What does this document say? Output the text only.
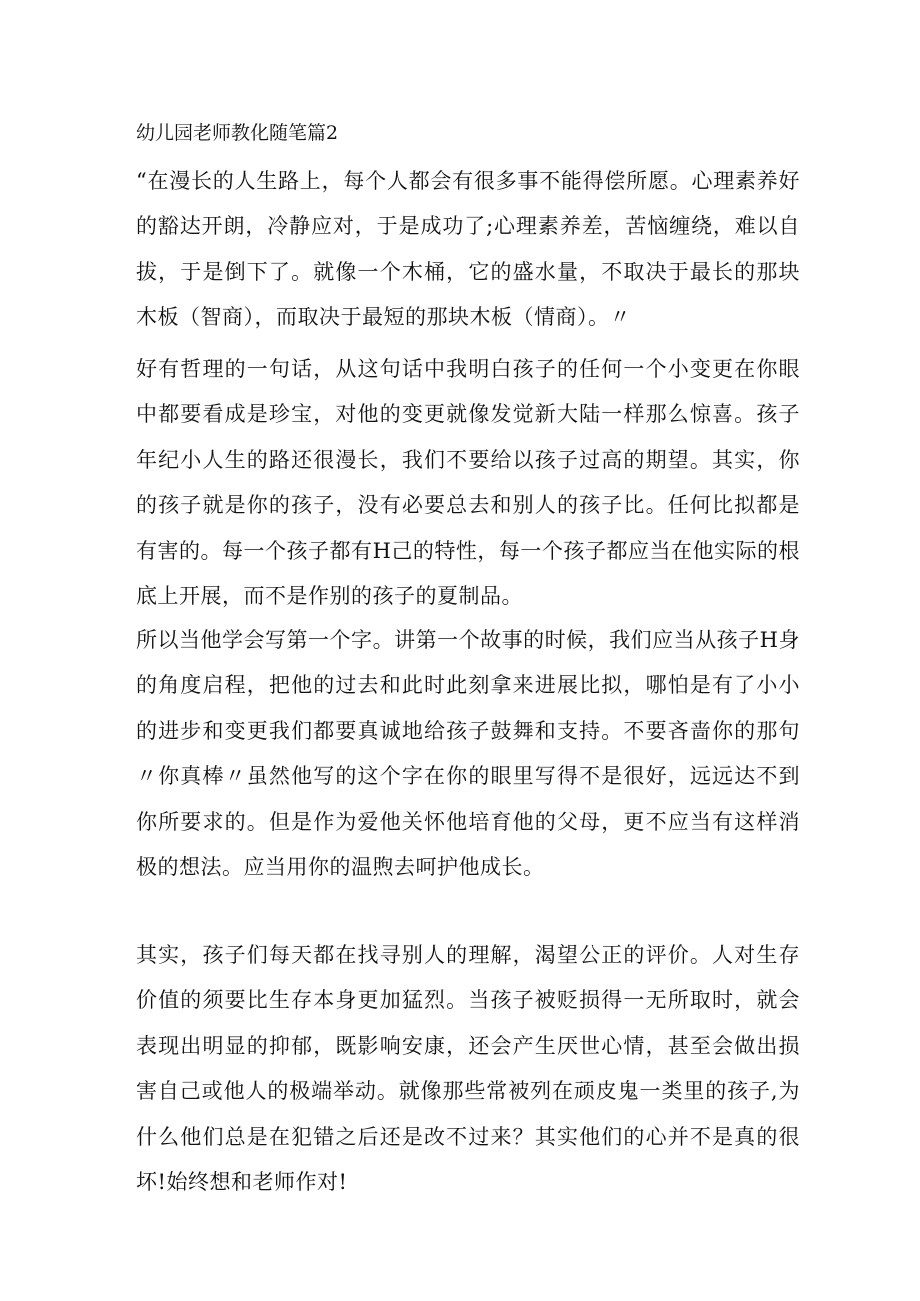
幼儿园老师教化随笔篇2

“在漫长的人生路上，每个人都会有很多事不能得偿所愿。心理素养好的豁达开朗，冷静应对，于是成功了;心理素养差，苦恼缠绕，难以自拔，于是倒下了。就像一个木桶，它的盛水量，不取决于最长的那块木板（智商），而取决于最短的那块木板（情商）。〃

好有哲理的一句话，从这句话中我明白孩子的任何一个小变更在你眼中都要看成是珍宝，对他的变更就像发觉新大陆一样那么惊喜。孩子年纪小人生的路还很漫长，我们不要给以孩子过高的期望。其实，你的孩子就是你的孩子，没有必要总去和别人的孩子比。任何比拟都是有害的。每一个孩子都有H己的特性，每一个孩子都应当在他实际的根底上开展，而不是作别的孩子的夏制品。

所以当他学会写第一个字。讲第一个故事的时候，我们应当从孩子H身的角度启程，把他的过去和此时此刻拿来进展比拟，哪怕是有了小小的进步和变更我们都要真诚地给孩子鼓舞和支持。不要吝啬你的那句〃你真棒〃虽然他写的这个字在你的眼里写得不是很好，远远达不到你所要求的。但是作为爱他关怀他培育他的父母，更不应当有这样消极的想法。应当用你的温煦去呵护他成长。

其实，孩子们每天都在找寻别人的理解，渴望公正的评价。人对生存价值的须要比生存本身更加猛烈。当孩子被贬损得一无所取时，就会表现出明显的抑郁，既影响安康，还会产生厌世心情，甚至会做出损害自己或他人的极端举动。就像那些常被列在顽皮鬼一类里的孩子,为什么他们总是在犯错之后还是改不过来？其实他们的心并不是真的很坏!始终想和老师作对!
